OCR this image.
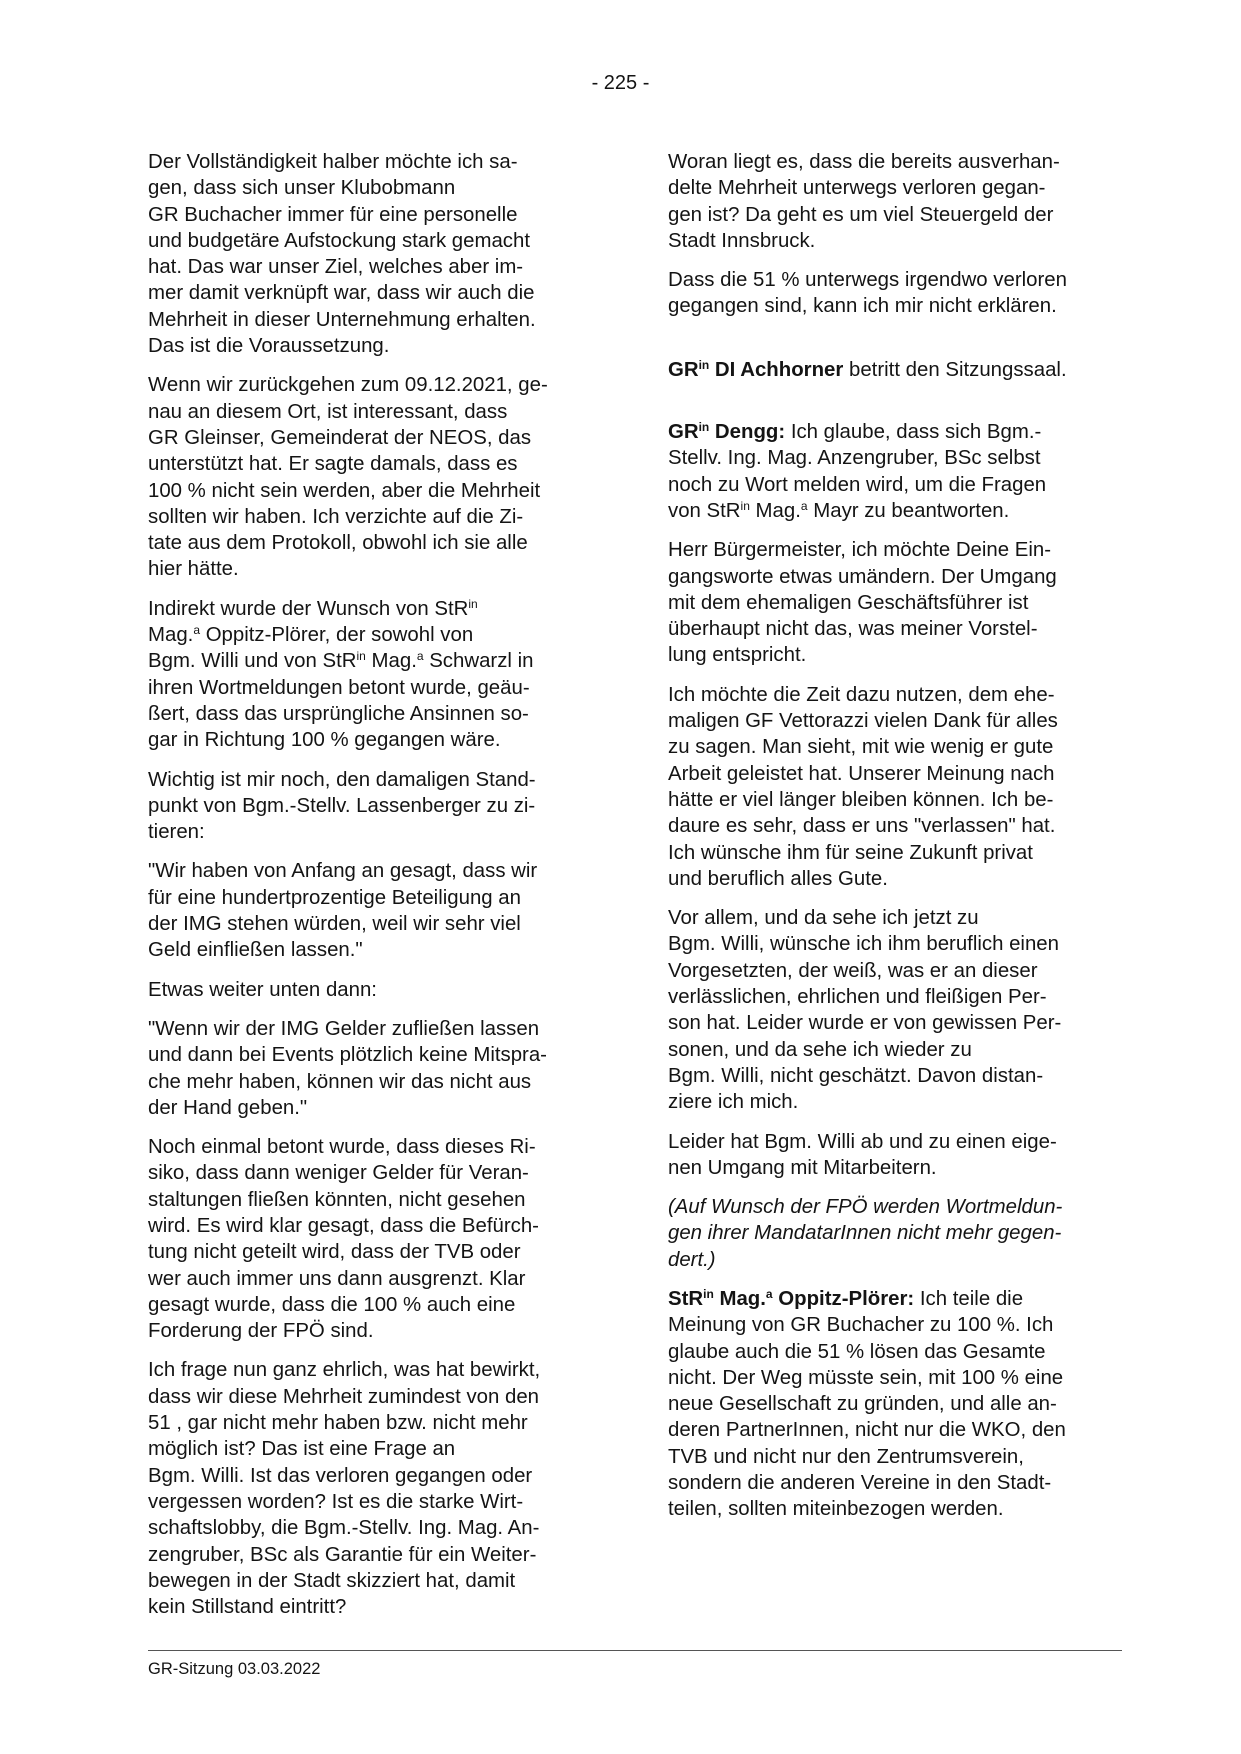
- 225 -

Der Vollständigkeit halber möchte ich sa-
gen, dass sich unser Klubobmann
GR Buchacher immer für eine personelle
und budgetäre Aufstockung stark gemacht
hat. Das war unser Ziel, welches aber im-
mer damit verknüpft war, dass wir auch die
Mehrheit in dieser Unternehmung erhalten.
Das ist die Voraussetzung.

Wenn wir zurückgehen zum 09.12.2021, ge-
nau an diesem Ort, ist interessant, dass
GR Gleinser, Gemeinderat der NEOS, das
unterstützt hat. Er sagte damals, dass es
100 % nicht sein werden, aber die Mehrheit
sollten wir haben. Ich verzichte auf die Zi-
tate aus dem Protokoll, obwohl ich sie alle
hier hätte.

Indirekt wurde der Wunsch von StR$^{in}$
Mag.$^a$ Oppitz-Plörer, der sowohl von
Bgm. Willi und von StR$^{in}$ Mag.$^a$ Schwarzl in
ihren Wortmeldungen betont wurde, geäu-
ßert, dass das ursprüngliche Ansinnen so-
gar in Richtung 100 % gegangen wäre.

Wichtig ist mir noch, den damaligen Stand-
punkt von Bgm.-Stellv. Lassenberger zu zi-
tieren:

"Wir haben von Anfang an gesagt, dass wir
für eine hundertprozentige Beteiligung an
der IMG stehen würden, weil wir sehr viel
Geld einfließen lassen."

Etwas weiter unten dann:

"Wenn wir der IMG Gelder zufließen lassen
und dann bei Events plötzlich keine Mitspra-
che mehr haben, können wir das nicht aus
der Hand geben."

Noch einmal betont wurde, dass dieses Ri-
siko, dass dann weniger Gelder für Veran-
staltungen fließen könnten, nicht gesehen
wird. Es wird klar gesagt, dass die Befürch-
tung nicht geteilt wird, dass der TVB oder
wer auch immer uns dann ausgrenzt. Klar
gesagt wurde, dass die 100 % auch eine
Forderung der FPÖ sind.

Ich frage nun ganz ehrlich, was hat bewirkt,
dass wir diese Mehrheit zumindest von den
51 , gar nicht mehr haben bzw. nicht mehr
möglich ist? Das ist eine Frage an
Bgm. Willi. Ist das verloren gegangen oder
vergessen worden? Ist es die starke Wirt-
schaftslobby, die Bgm.-Stellv. Ing. Mag. An-
zengruber, BSc als Garantie für ein Weiter-
bewegen in der Stadt skizziert hat, damit
kein Stillstand eintritt?

Woran liegt es, dass die bereits ausverhan-
delte Mehrheit unterwegs verloren gegan-
gen ist? Da geht es um viel Steuergeld der
Stadt Innsbruck.

Dass die 51 % unterwegs irgendwo verloren
gegangen sind, kann ich mir nicht erklären.

$GR^{in}$ DI Achhorner betritt den Sitzungssaal.

$GR^{in}$ Dengg: Ich glaube, dass sich Bgm.-
Stellv. Ing. Mag. Anzengruber, BSc selbst
noch zu Wort melden wird, um die Fragen
von StR$^{in}$ Mag.$^a$ Mayr zu beantworten.

Herr Bürgermeister, ich möchte Deine Ein-
gangsworte etwas umändern. Der Umgang
mit dem ehemaligen Geschäftsführer ist
überhaupt nicht das, was meiner Vorstel-
lung entspricht.

Ich möchte die Zeit dazu nutzen, dem ehe-
maligen GF Vettorazzi vielen Dank für alles
zu sagen. Man sieht, mit wie wenig er gute
Arbeit geleistet hat. Unserer Meinung nach
hätte er viel länger bleiben können. Ich be-
daure es sehr, dass er uns "verlassen" hat.
Ich wünsche ihm für seine Zukunft privat
und beruflich alles Gute.

Vor allem, und da sehe ich jetzt zu
Bgm. Willi, wünsche ich ihm beruflich einen
Vorgesetzten, der weiß, was er an dieser
verlässlichen, ehrlichen und fleißigen Per-
son hat. Leider wurde er von gewissen Per-
sonen, und da sehe ich wieder zu
Bgm. Willi, nicht geschätzt. Davon distan-
ziere ich mich.

Leider hat Bgm. Willi ab und zu einen eige-
nen Umgang mit Mitarbeitern.

(Auf Wunsch der FPÖ werden Wortmeldun-
gen ihrer MandatarInnen nicht mehr gegen-
dert.)

StR$^{in}$ Mag.$^a$ Oppitz-Plörer: Ich teile die
Meinung von GR Buchacher zu 100 %. Ich
glaube auch die 51 % lösen das Gesamte
nicht. Der Weg müsste sein, mit 100 % eine
neue Gesellschaft zu gründen, und alle an-
deren PartnerInnen, nicht nur die WKO, den
TVB und nicht nur den Zentrumsverein,
sondern die anderen Vereine in den Stadt-
teilen, sollten miteinbezogen werden.

GR-Sitzung 03.03.2022
